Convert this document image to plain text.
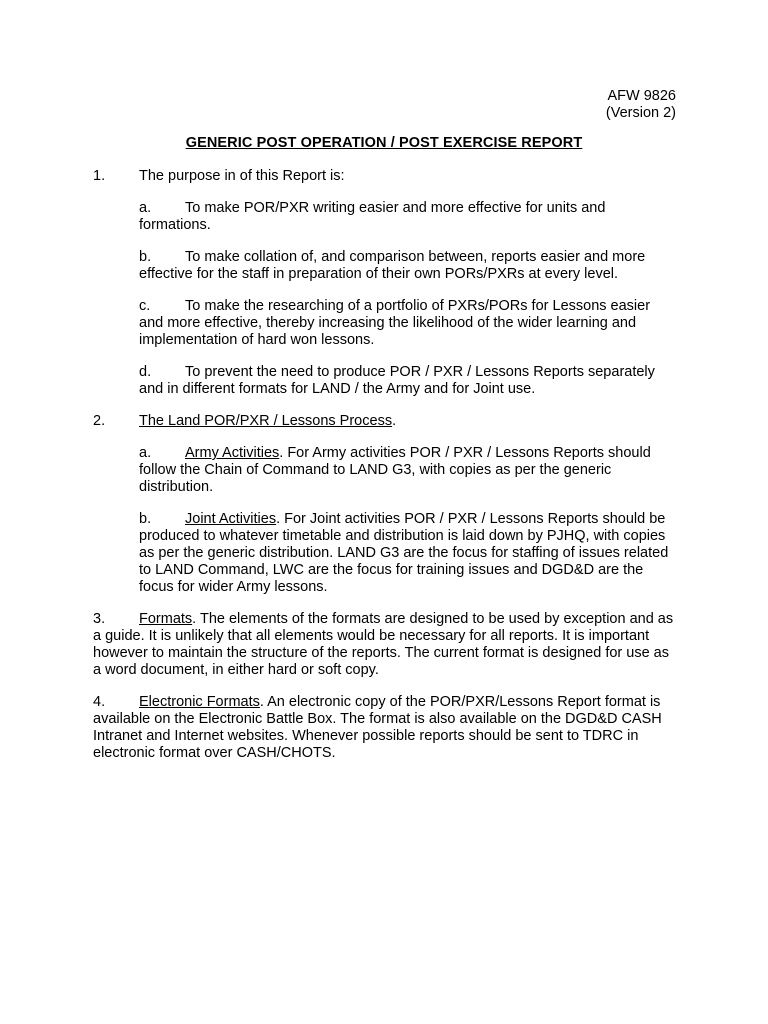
AFW 9826
(Version 2)
GENERIC POST OPERATION / POST EXERCISE REPORT
1. The purpose in of this Report is:
a. To make POR/PXR writing easier and more effective for units and formations.
b. To make collation of, and comparison between, reports easier and more effective for the staff in preparation of their own PORs/PXRs at every level.
c. To make the researching of a portfolio of PXRs/PORs for Lessons easier and more effective, thereby increasing the likelihood of the wider learning and implementation of hard won lessons.
d. To prevent the need to produce POR / PXR / Lessons Reports separately and in different formats for LAND / the Army and for Joint use.
2. The Land POR/PXR / Lessons Process.
a. Army Activities. For Army activities POR / PXR / Lessons Reports should follow the Chain of Command to LAND G3, with copies as per the generic distribution.
b. Joint Activities. For Joint activities POR / PXR / Lessons Reports should be produced to whatever timetable and distribution is laid down by PJHQ, with copies as per the generic distribution. LAND G3 are the focus for staffing of issues related to LAND Command, LWC are the focus for training issues and DGD&D are the focus for wider Army lessons.
3. Formats. The elements of the formats are designed to be used by exception and as a guide. It is unlikely that all elements would be necessary for all reports. It is important however to maintain the structure of the reports. The current format is designed for use as a word document, in either hard or soft copy.
4. Electronic Formats. An electronic copy of the POR/PXR/Lessons Report format is available on the Electronic Battle Box. The format is also available on the DGD&D CASH Intranet and Internet websites. Whenever possible reports should be sent to TDRC in electronic format over CASH/CHOTS.
